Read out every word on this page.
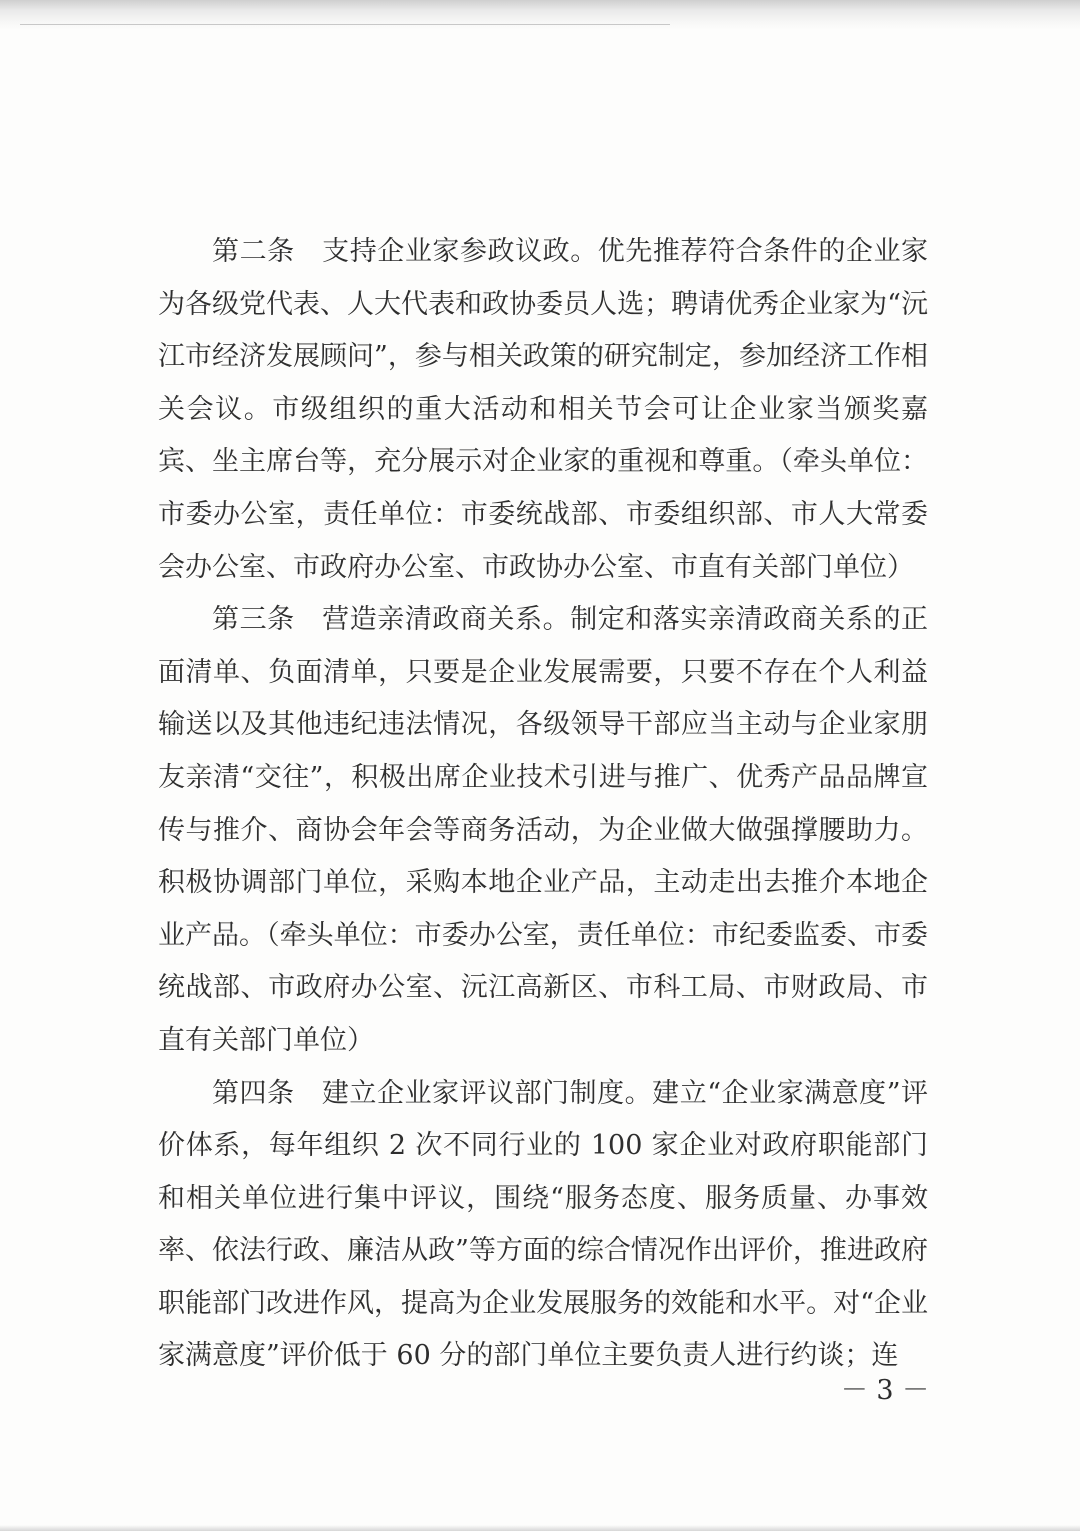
第二条 支持企业家参政议政。优先推荐符合条件的企业家为各级党代表、人大代表和政协委员人选；聘请优秀企业家为“沅江市经济发展顾问”，参与相关政策的研究制定，参加经济工作相关会议。市级组织的重大活动和相关节会可让企业家当颁奖嘉宾、坐主席台等，充分展示对企业家的重视和尊重。（牵头单位：市委办公室，责任单位：市委统战部、市委组织部、市人大常委会办公室、市政府办公室、市政协办公室、市直有关部门单位）

第三条 营造亲清政商关系。制定和落实亲清政商关系的正面清单、负面清单，只要是企业发展需要，只要不存在个人利益输送以及其他违纪违法情况，各级领导干部应当主动与企业家朋友亲清“交往”，积极出席企业技术引进与推广、优秀产品品牌宣传与推介、商协会年会等商务活动，为企业做大做强撑腰助力。积极协调部门单位，采购本地企业产品，主动走出去推介本地企业产品。（牵头单位：市委办公室，责任单位：市纪委监委、市委统战部、市政府办公室、沅江高新区、市科工局、市财政局、市直有关部门单位）

第四条 建立企业家评议部门制度。建立“企业家满意度”评价体系，每年组织 2 次不同行业的 100 家企业对政府职能部门和相关单位进行集中评议，围绕“服务态度、服务质量、办事效率、依法行政、廉洁从政”等方面的综合情况作出评价，推进政府职能部门改进作风，提高为企业发展服务的效能和水平。对“企业家满意度”评价低于 60 分的部门单位主要负责人进行约谈；连

－ 3 －
